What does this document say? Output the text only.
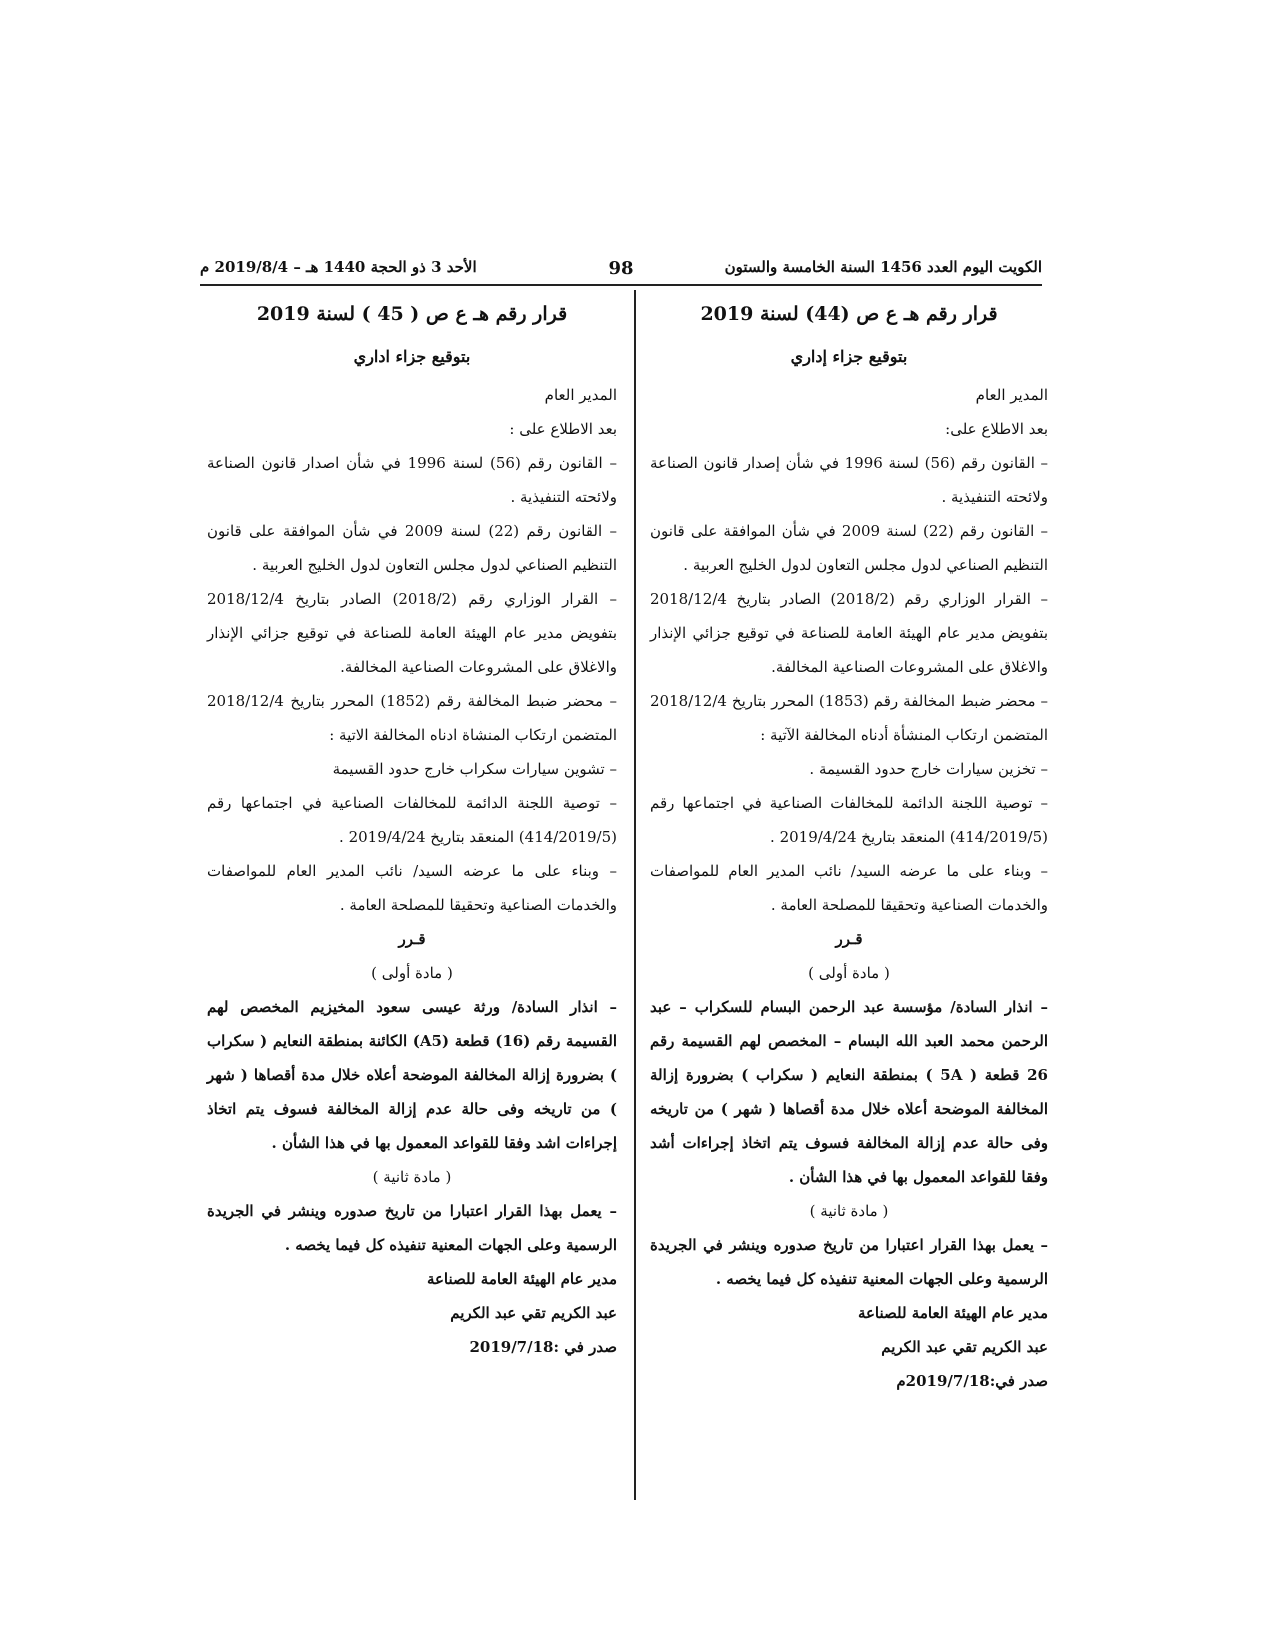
الكويت اليوم العدد 1456 السنة الخامسة والستون
98
الأحد 3 ذو الحجة 1440 هـ – 2019/8/4 م
قرار رقم هـ ع ص (44) لسنة 2019
بتوقيع جزاء إداري

المدير العام

بعد الاطلاع على:

– القانون رقم (56) لسنة 1996 في شأن إصدار قانون الصناعة ولائحته التنفيذية .

– القانون رقم (22) لسنة 2009 في شأن الموافقة على قانون التنظيم الصناعي لدول مجلس التعاون لدول الخليج العربية .

– القرار الوزاري رقم (2018/2) الصادر بتاريخ 2018/12/4 بتفويض مدير عام الهيئة العامة للصناعة في توقيع جزائي الإنذار والاغلاق على المشروعات الصناعية المخالفة.

– محضر ضبط المخالفة رقم (1853) المحرر بتاريخ 2018/12/4 المتضمن ارتكاب المنشأة أدناه المخالفة الآتية :

– تخزين سيارات خارج حدود القسيمة .

– توصية اللجنة الدائمة للمخالفات الصناعية في اجتماعها رقم (414/2019/5) المنعقد بتاريخ 2019/4/24 .

– وبناء على ما عرضه السيد/ نائب المدير العام للمواصفات والخدمات الصناعية وتحقيقا للمصلحة العامة .

قـرر

( مادة أولى )

– انذار السادة/ مؤسسة عبد الرحمن البسام للسكراب – عبد الرحمن محمد العبد الله البسام – المخصص لهم القسيمة رقم 26 قطعة ( 5A ) بمنطقة النعايم ( سكراب ) بضرورة إزالة المخالفة الموضحة أعلاه خلال مدة أقصاها ( شهر ) من تاريخه وفى حالة عدم إزالة المخالفة فسوف يتم اتخاذ إجراءات أشد وفقا للقواعد المعمول بها في هذا الشأن .

( مادة ثانية )

– يعمل بهذا القرار اعتبارا من تاريخ صدوره وينشر في الجريدة الرسمية وعلى الجهات المعنية تنفيذه كل فيما يخصه .

مدير عام الهيئة العامة للصناعة

عبد الكريم تقي عبد الكريم

صدر في:2019/7/18م

قرار رقم هـ ع ص ( 45 ) لسنة 2019
بتوقيع جزاء اداري

المدير العام

بعد الاطلاع على :

– القانون رقم (56) لسنة 1996 في شأن اصدار قانون الصناعة ولائحته التنفيذية .

– القانون رقم (22) لسنة 2009 في شأن الموافقة على قانون التنظيم الصناعي لدول مجلس التعاون لدول الخليج العربية .

– القرار الوزاري رقم (2018/2) الصادر بتاريخ 2018/12/4 بتفويض مدير عام الهيئة العامة للصناعة في توقيع جزائي الإنذار والاغلاق على المشروعات الصناعية المخالفة.

– محضر ضبط المخالفة رقم (1852) المحرر بتاريخ 2018/12/4 المتضمن ارتكاب المنشاة ادناه المخالفة الاتية :

– تشوين سيارات سكراب خارج حدود القسيمة

– توصية اللجنة الدائمة للمخالفات الصناعية في اجتماعها رقم (414/2019/5) المنعقد بتاريخ 2019/4/24 .

– وبناء على ما عرضه السيد/ نائب المدير العام للمواصفات والخدمات الصناعية وتحقيقا للمصلحة العامة .

قـرر

( مادة أولى )

– انذار السادة/ ورثة عيسى سعود المخيزيم المخصص لهم القسيمة رقم (16) قطعة (A5) الكائنة بمنطقة النعايم ( سكراب ) بضرورة إزالة المخالفة الموضحة أعلاه خلال مدة أقصاها ( شهر ) من تاريخه وفى حالة عدم إزالة المخالفة فسوف يتم اتخاذ إجراءات اشد وفقا للقواعد المعمول بها في هذا الشأن .

( مادة ثانية )

– يعمل بهذا القرار اعتبارا من تاريخ صدوره وينشر في الجريدة الرسمية وعلى الجهات المعنية تنفيذه كل فيما يخصه .

مدير عام الهيئة العامة للصناعة

عبد الكريم تقي عبد الكريم

صدر في :2019/7/18
